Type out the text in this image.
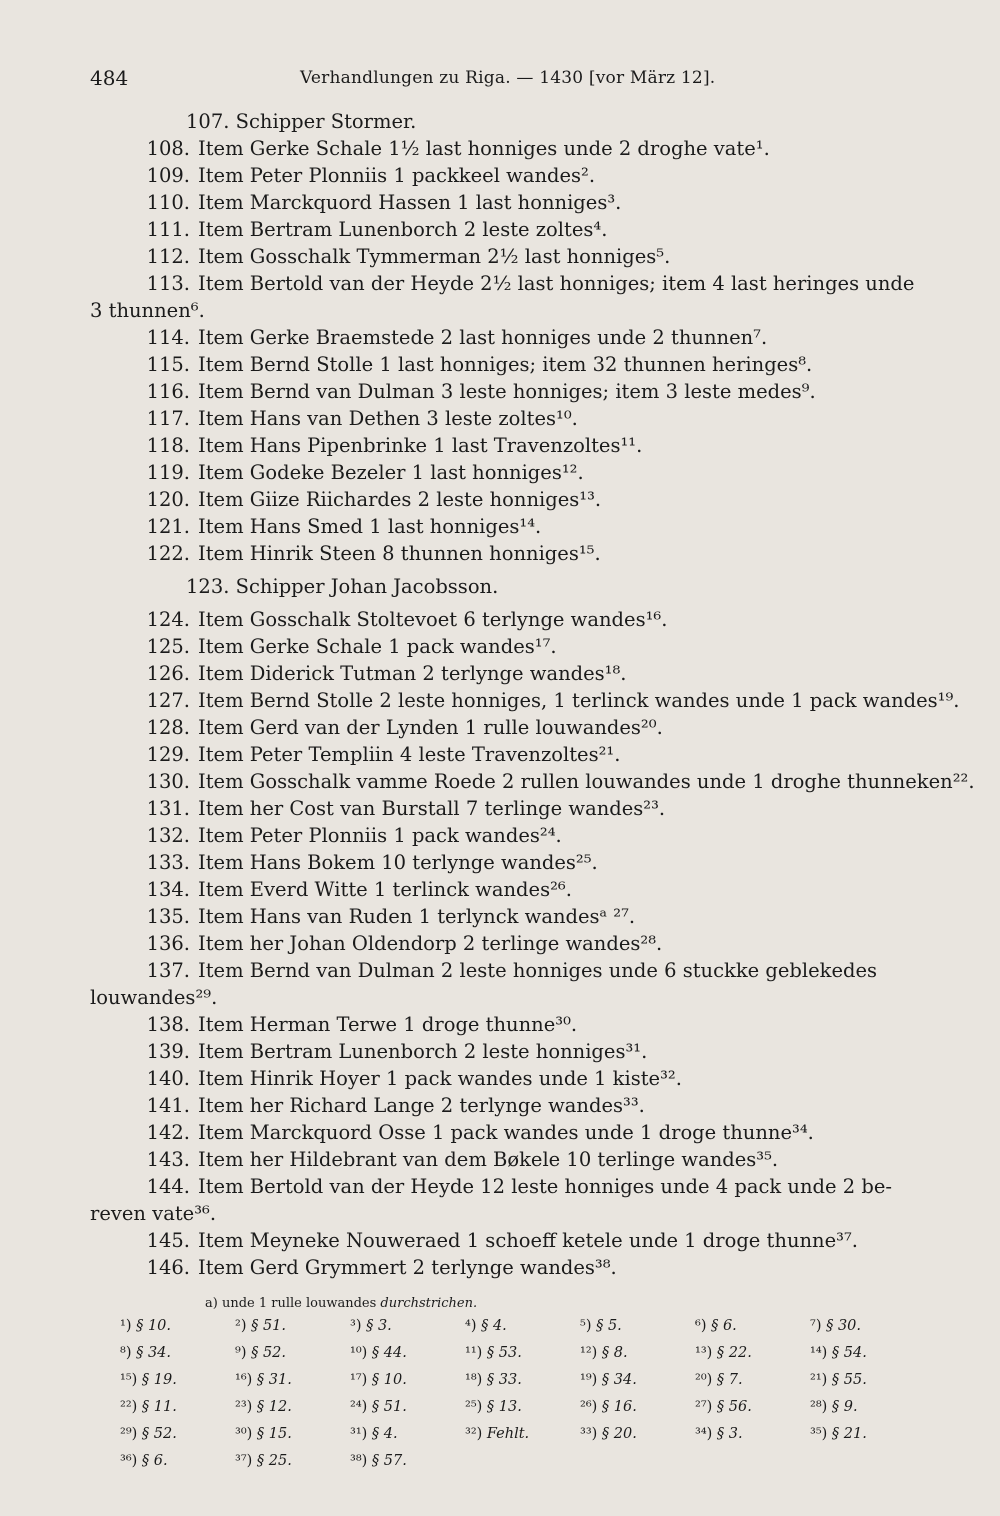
484	Verhandlungen zu Riga. — 1430 [vor März 12].
107. Schipper Stormer.
108. Item Gerke Schale 1½ last honniges unde 2 droghe vate¹.
109. Item Peter Plonniis 1 packkeel wandes².
110. Item Marckquord Hassen 1 last honniges³.
111. Item Bertram Lunenborch 2 leste zoltes⁴.
112. Item Gosschalk Tymmerman 2½ last honniges⁵.
113. Item Bertold van der Heyde 2½ last honniges; item 4 last heringes unde
3 thunnen⁶.
114. Item Gerke Braemstede 2 last honniges unde 2 thunnen⁷.
115. Item Bernd Stolle 1 last honniges; item 32 thunnen heringes⁸.
116. Item Bernd van Dulman 3 leste honniges; item 3 leste medes⁹.
117. Item Hans van Dethen 3 leste zoltes¹⁰.
118. Item Hans Pipenbrinke 1 last Travenzoltes¹¹.
119. Item Godeke Bezeler 1 last honniges¹².
120. Item Giize Riichardes 2 leste honniges¹³.
121. Item Hans Smed 1 last honniges¹⁴.
122. Item Hinrik Steen 8 thunnen honniges¹⁵.
123. Schipper Johan Jacobsson.
124. Item Gosschalk Stoltevoet 6 terlynge wandes¹⁶.
125. Item Gerke Schale 1 pack wandes¹⁷.
126. Item Diderick Tutman 2 terlynge wandes¹⁸.
127. Item Bernd Stolle 2 leste honniges, 1 terlinck wandes unde 1 pack wandes¹⁹.
128. Item Gerd van der Lynden 1 rulle louwandes²⁰.
129. Item Peter Templiin 4 leste Travenzoltes²¹.
130. Item Gosschalk vamme Roede 2 rullen louwandes unde 1 droghe thunneken²².
131. Item her Cost van Burstall 7 terlinge wandes²³.
132. Item Peter Plonniis 1 pack wandes²⁴.
133. Item Hans Bokem 10 terlynge wandes²⁵.
134. Item Everd Witte 1 terlinck wandes²⁶.
135. Item Hans van Ruden 1 terlynck wandesᵃ ²⁷.
136. Item her Johan Oldendorp 2 terlinge wandes²⁸.
137. Item Bernd van Dulman 2 leste honniges unde 6 stuckke geblekedes
louwandes²⁹.
138. Item Herman Terwe 1 droge thunne³⁰.
139. Item Bertram Lunenborch 2 leste honniges³¹.
140. Item Hinrik Hoyer 1 pack wandes unde 1 kiste³².
141. Item her Richard Lange 2 terlynge wandes³³.
142. Item Marckquord Osse 1 pack wandes unde 1 droge thunne³⁴.
143. Item her Hildebrant van dem Bøkele 10 terlinge wandes³⁵.
144. Item Bertold van der Heyde 12 leste honniges unde 4 pack unde 2 be-
reven vate³⁶.
145. Item Meyneke Nouweraed 1 schoeff ketele unde 1 droge thunne³⁷.
146. Item Gerd Grymmert 2 terlynge wandes³⁸.
a) unde 1 rulle louwandes durchstrichen.
¹) § 10.	²) § 51.	³) § 3.	⁴) § 4.	⁵) § 5.	⁶) § 6.	⁷) § 30.
⁸) § 34.	⁹) § 52.	¹⁰) § 44.	¹¹) § 53.	¹²) § 8.	¹³) § 22.	¹⁴) § 54.
¹⁵) § 19.	¹⁶) § 31.	¹⁷) § 10.	¹⁸) § 33.	¹⁹) § 34.	²⁰) § 7.	²¹) § 55.
²²) § 11.	²³) § 12.	²⁴) § 51.	²⁵) § 13.	²⁶) § 16.	²⁷) § 56.	²⁸) § 9.
²⁹) § 52.	³⁰) § 15.	³¹) § 4.	³²) Fehlt.	³³) § 20.	³⁴) § 3.	³⁵) § 21.
³⁶) § 6.	³⁷) § 25.	³⁸) § 57.
